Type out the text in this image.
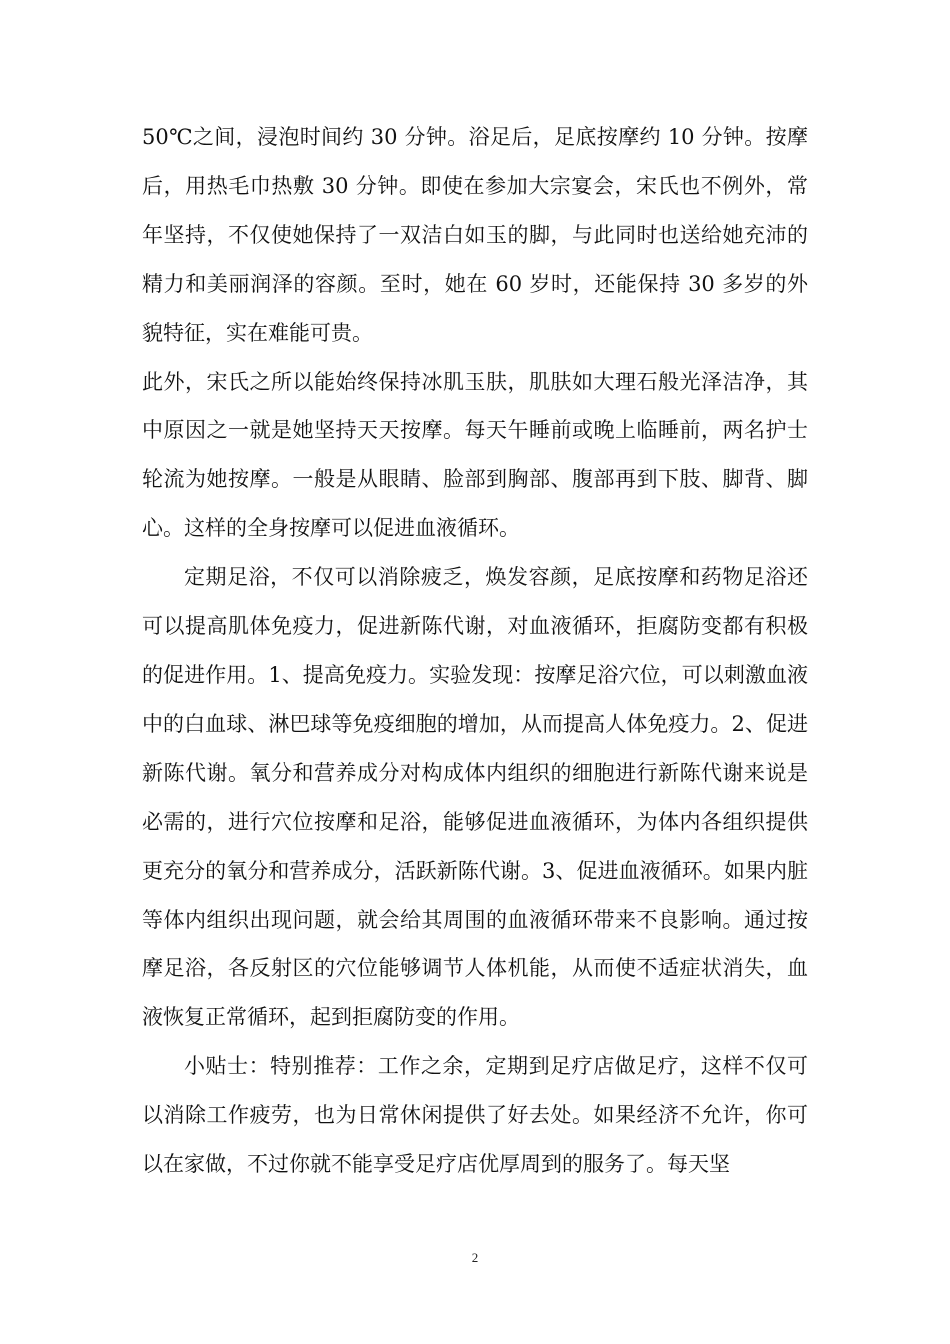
50℃之间，浸泡时间约 30 分钟。浴足后，足底按摩约 10 分钟。按摩后，用热毛巾热敷 30 分钟。即使在参加大宗宴会，宋氏也不例外，常年坚持，不仅使她保持了一双洁白如玉的脚，与此同时也送给她充沛的精力和美丽润泽的容颜。至时，她在 60 岁时，还能保持 30 多岁的外貌特征，实在难能可贵。

此外，宋氏之所以能始终保持冰肌玉肤，肌肤如大理石般光泽洁净，其中原因之一就是她坚持天天按摩。每天午睡前或晚上临睡前，两名护士轮流为她按摩。一般是从眼睛、脸部到胸部、腹部再到下肢、脚背、脚心。这样的全身按摩可以促进血液循环。

定期足浴，不仅可以消除疲乏，焕发容颜，足底按摩和药物足浴还可以提高肌体免疫力，促进新陈代谢，对血液循环，拒腐防变都有积极的促进作用。1、提高免疫力。实验发现：按摩足浴穴位，可以刺激血液中的白血球、淋巴球等免疫细胞的增加，从而提高人体免疫力。2、促进新陈代谢。氧分和营养成分对构成体内组织的细胞进行新陈代谢来说是必需的，进行穴位按摩和足浴，能够促进血液循环，为体内各组织提供更充分的氧分和营养成分，活跃新陈代谢。3、促进血液循环。如果内脏等体内组织出现问题，就会给其周围的血液循环带来不良影响。通过按摩足浴，各反射区的穴位能够调节人体机能，从而使不适症状消失，血液恢复正常循环，起到拒腐防变的作用。

小贴士：特别推荐：工作之余，定期到足疗店做足疗，这样不仅可以消除工作疲劳，也为日常休闲提供了好去处。如果经济不允许，你可以在家做，不过你就不能享受足疗店优厚周到的服务了。每天坚

2
